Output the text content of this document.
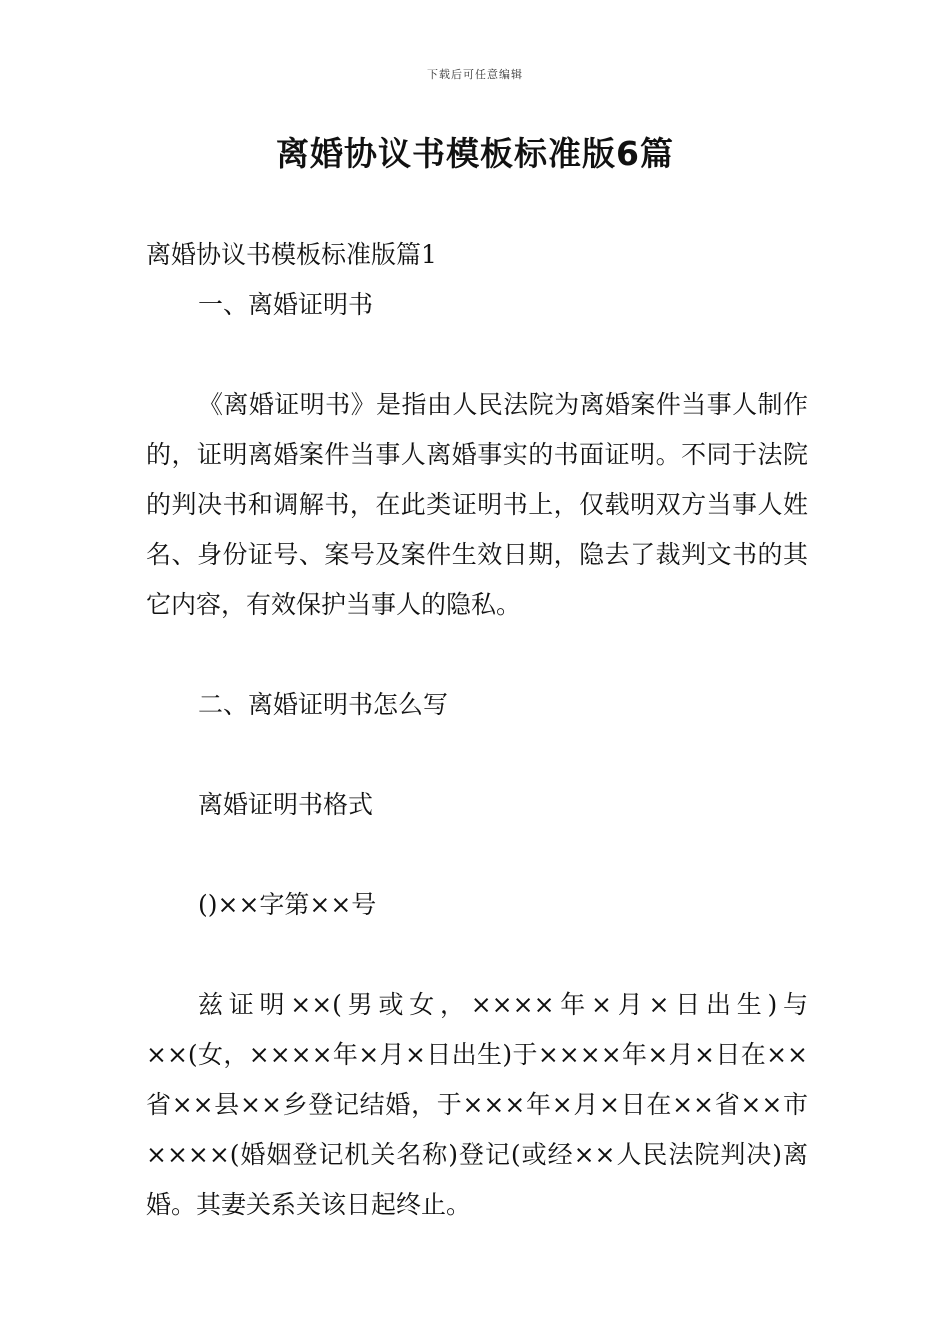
下载后可任意编辑
离婚协议书模板标准版6篇

离婚协议书模板标准版篇1

一、离婚证明书

《离婚证明书》是指由人民法院为离婚案件当事人制作的，证明离婚案件当事人离婚事实的书面证明。不同于法院的判决书和调解书，在此类证明书上，仅载明双方当事人姓名、身份证号、案号及案件生效日期，隐去了裁判文书的其它内容，有效保护当事人的隐私。

二、离婚证明书怎么写

离婚证明书格式

()××字第××号

兹证明××(男或女，××××年×月×日出生)与××(女，××××年×月×日出生)于××××年×月×日在××省××县××乡登记结婚，于×××年×月×日在××省××市××××(婚姻登记机关名称)登记(或经××人民法院判决)离婚。其妻关系关该日起终止。
